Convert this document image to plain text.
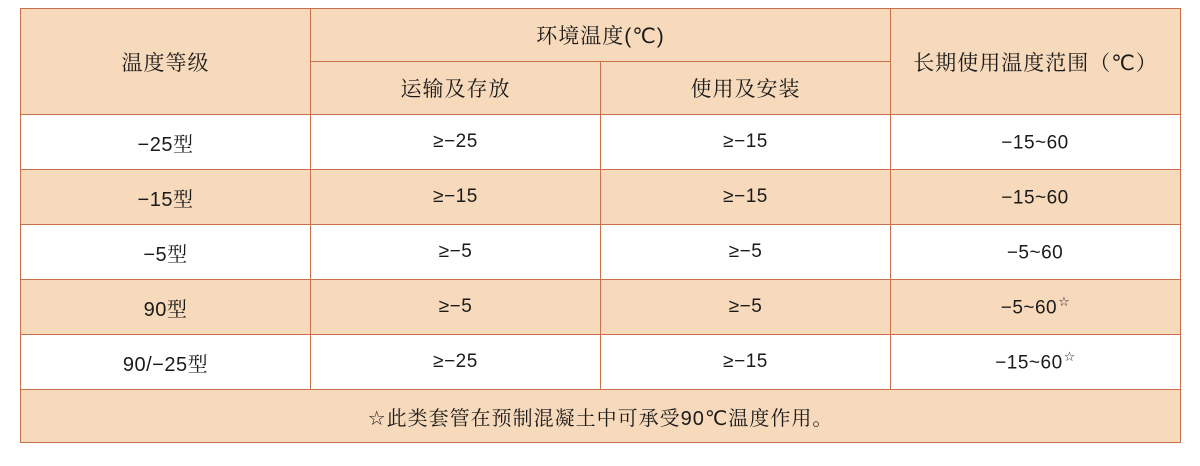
温度等级	环境温度(℃)		长期使用温度范围（℃）
	运输及存放	使用及安装	
−25型	≥−25	≥−15	−15~60
−15型	≥−15	≥−15	−15~60
−5型	≥−5	≥−5	−5~60
90型	≥−5	≥−5	−5~60☆
90/−25型	≥−25	≥−15	−15~60☆
☆此类套管在预制混凝土中可承受90℃温度作用。			
